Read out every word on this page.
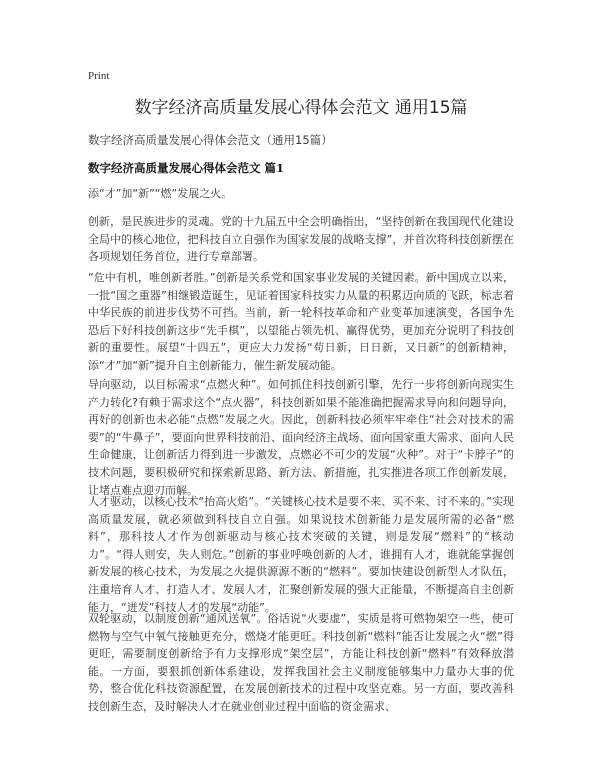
Print
数字经济高质量发展心得体会范文 通用15篇
数字经济高质量发展心得体会范文（通用15篇）
数字经济高质量发展心得体会范文 篇1

添“才”加“新”“燃”发展之火。

创新，是民族进步的灵魂。党的十九届五中全会明确指出，“坚持创新在我国现代化建设全局中的核心地位，把科技自立自强作为国家发展的战略支撑”，并首次将科技创新摆在各项规划任务首位，进行专章部署。

“危中有机，唯创新者胜。”创新是关系党和国家事业发展的关键因素。新中国成立以来，一批“国之重器”相继锻造诞生，见证着国家科技实力从量的积累迈向质的飞跃，标志着中华民族的前进步伐势不可挡。当前，新一轮科技革命和产业变革加速演变，各国争先恐后下好科技创新这步“先手棋”，以望能占领先机、赢得优势，更加充分说明了科技创新的重要性。展望“十四五”，更应大力发扬“苟日新，日日新，又日新”的创新精神，添“才”加“新”提升自主创新能力，催生新发展动能。

导向驱动，以目标需求“点燃火种”。如何抓住科技创新引擎，先行一步将创新向现实生产力转化?有赖于需求这个“点火器”，科技创新如果不能准确把握需求导向和问题导向，再好的创新也未必能“点燃”发展之火。因此，创新科技必须牢牢牵住“社会对技术的需要”的“牛鼻子”，要面向世界科技前沿、面向经济主战场、面向国家重大需求、面向人民生命健康，让创新活力得到进一步激发，点燃必不可少的发展“火种”。对于“卡脖子”的技术问题，要积极研究和探索新思路、新方法、新措施，扎实推进各项工作创新发展，让堵点难点迎刃而解。

人才驱动，以核心技术“抬高火焰”。“关键核心技术是要不来、买不来、讨不来的。”实现高质量发展，就必须做到科技自立自强。如果说技术创新能力是发展所需的必备“燃料”，那科技人才作为创新驱动与核心技术突破的关键，则是发展“燃料”的“核动力”。“得人则安，失人则危。”创新的事业呼唤创新的人才，谁拥有人才，谁就能掌握创新发展的核心技术，为发展之火提供源源不断的“燃料”。要加快建设创新型人才队伍，注重培育人才、打造人才、发展人才，汇聚创新发展的强大正能量，不断提高自主创新能力，“迸发”科技人才的发展“动能”。

双轮驱动，以制度创新“通风送氧”。俗话说“火要虚”，实质是将可燃物架空一些，使可燃物与空气中氧气接触更充分，燃烧才能更旺。科技创新“燃料”能否让发展之火“燃”得更旺，需要制度创新给予有力支撑形成“架空层”，方能让科技创新“燃料”有效释放潜能。一方面，要狠抓创新体系建设，发挥我国社会主义制度能够集中力量办大事的优势，整合优化科技资源配置，在发展创新技术的过程中攻坚克难。另一方面，要改善科技创新生态，及时解决人才在就业创业过程中面临的资金需求、
